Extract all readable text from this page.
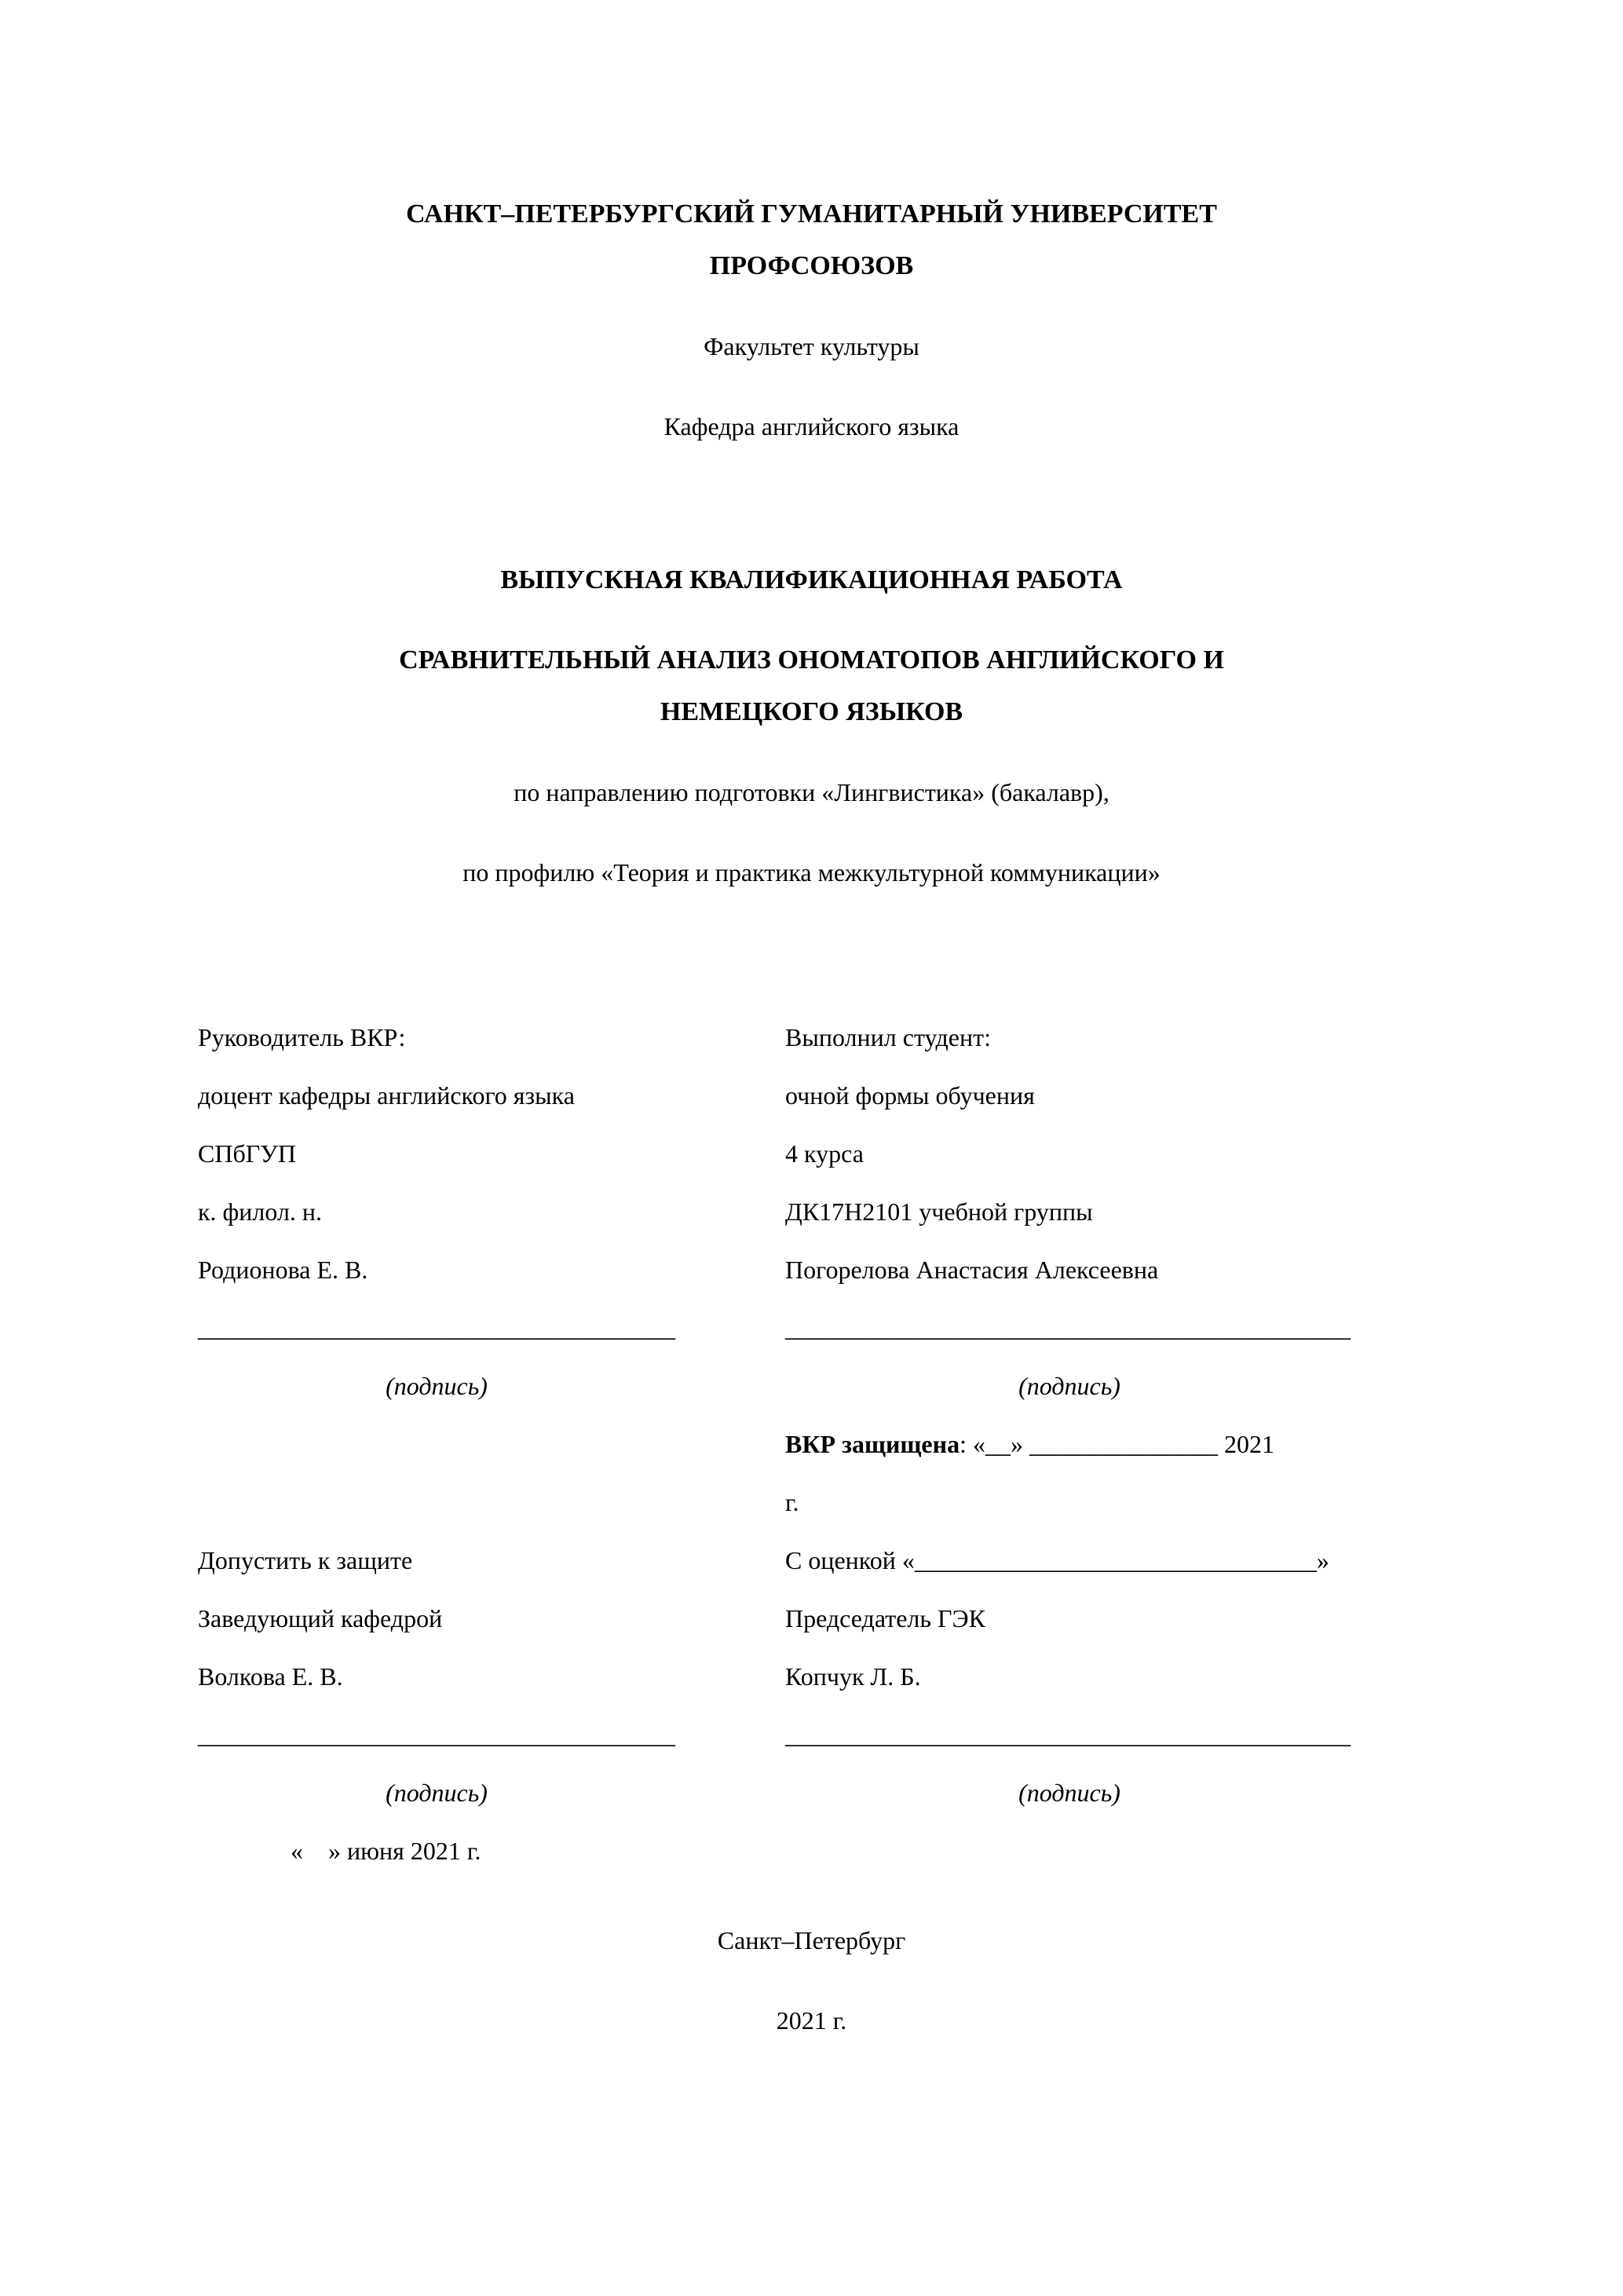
САНКТ–ПЕТЕРБУРГСКИЙ ГУМАНИТАРНЫЙ УНИВЕРСИТЕТ
ПРОФСОЮЗОВ
Факультет культуры
Кафедра английского языка
ВЫПУСКНАЯ КВАЛИФИКАЦИОННАЯ РАБОТА
СРАВНИТЕЛЬНЫЙ АНАЛИЗ ОНОМАТОПОВ АНГЛИЙСКОГО И
НЕМЕЦКОГО ЯЗЫКОВ
по направлению подготовки «Лингвистика» (бакалавр),
по профилю «Теория и практика межкультурной коммуникации»
Руководитель ВКР:
доцент кафедры английского языка
СПбГУП
к. филол. н.
Родионова Е. В.
______________________________________
(подпись)
Допустить к защите
Заведующий кафедрой
Волкова Е. В.
______________________________________
(подпись)
«    » июня 2021 г.
Выполнил студент:
очной формы обучения
4 курса
ДК17Н2101 учебной группы
Погорелова Анастасия Алексеевна
_____________________________________________
(подпись)
ВКР защищена: «__» _______________ 2021
г.
С оценкой «________________________________»
Председатель ГЭК
Копчук Л. Б.
_____________________________________________
(подпись)
Санкт–Петербург
2021 г.
